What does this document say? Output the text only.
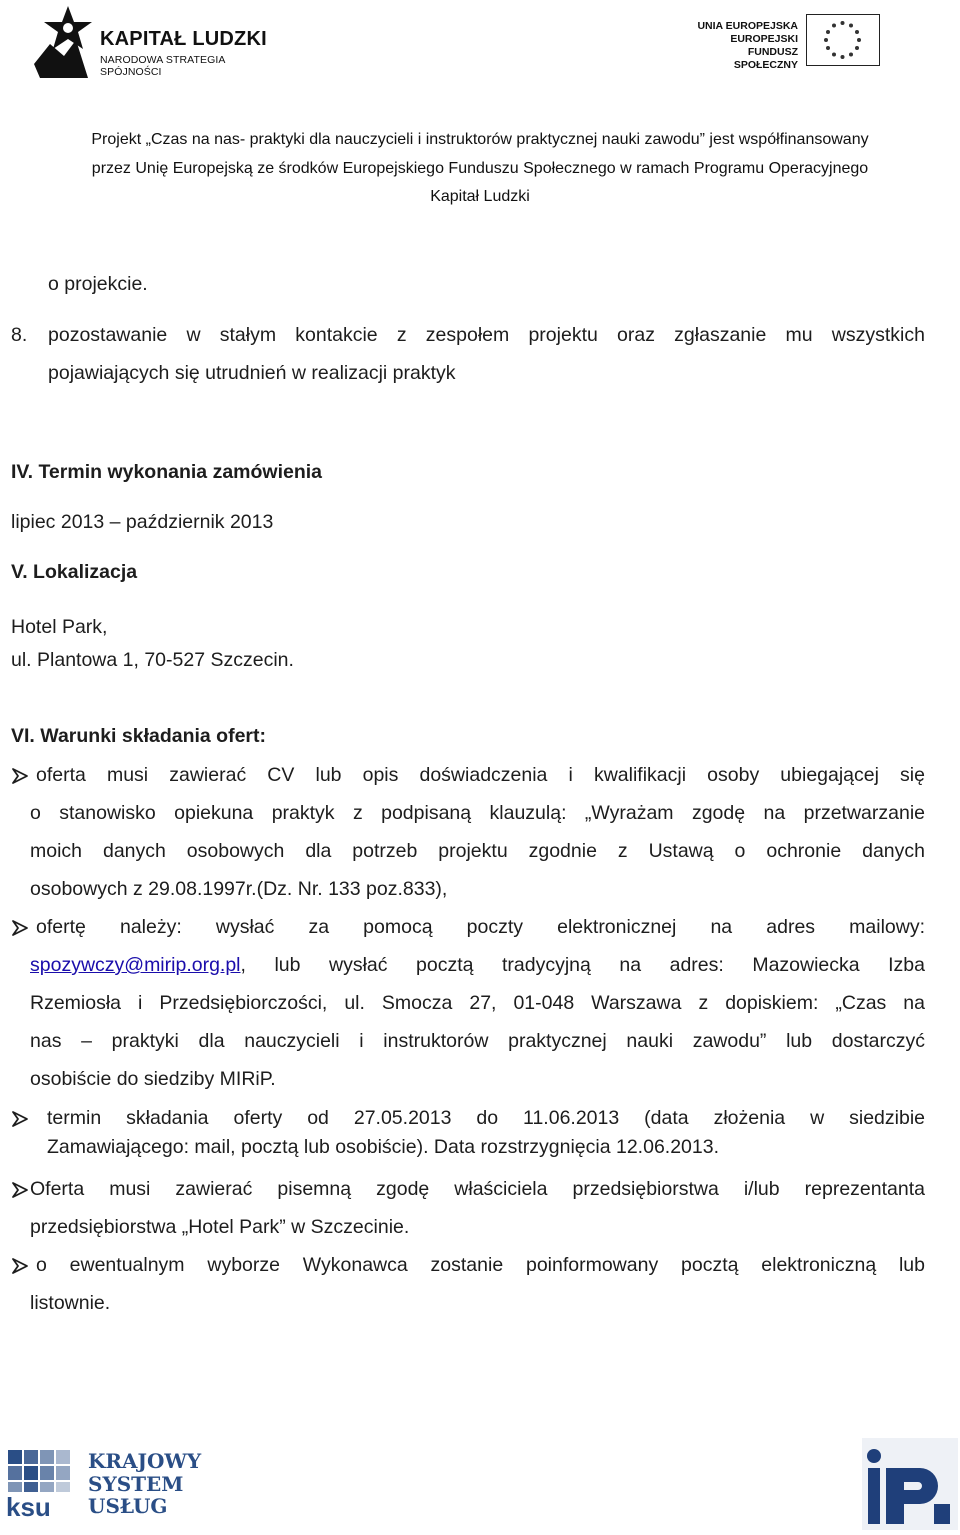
KAPITAŁ LUDZKI
NARODOWA STRATEGIA SPÓJNOŚCI
UNIA EUROPEJSKA
EUROPEJSKI
FUNDUSZ SPOŁECZNY
Projekt „Czas na nas- praktyki dla nauczycieli i instruktorów praktycznej nauki zawodu” jest współfinansowany
przez Unię Europejską ze środków Europejskiego Funduszu Społecznego w ramach Programu Operacyjnego
Kapitał Ludzki
o projekcie.
8. pozostawanie w stałym kontakcie z zespołem projektu oraz zgłaszanie mu wszystkich
pojawiających się utrudnień w realizacji praktyk
IV. Termin wykonania zamówienia
lipiec 2013 – październik 2013
V. Lokalizacja
Hotel Park,
ul. Plantowa 1, 70-527 Szczecin.
VI. Warunki składania ofert:
oferta musi zawierać CV lub opis doświadczenia i kwalifikacji osoby ubiegającej się
o stanowisko opiekuna praktyk z podpisaną klauzulą: „Wyrażam zgodę na przetwarzanie
moich danych osobowych dla potrzeb projektu zgodnie z Ustawą o ochronie danych
osobowych z 29.08.1997r.(Dz. Nr. 133 poz.833),
ofertę należy: wysłać za pomocą poczty elektronicznej na adres mailowy:
spozywczy@mirip.org.pl , lub wysłać pocztą tradycyjną na adres: Mazowiecka Izba
Rzemiosła i Przedsiębiorczości, ul. Smocza 27, 01-048 Warszawa z dopiskiem: „Czas na
nas – praktyki dla nauczycieli i instruktorów praktycznej nauki zawodu” lub dostarczyć
osobiście do siedziby MIRiP.
termin składania oferty od 27.05.2013 do 11.06.2013 (data złożenia w siedzibie
Zamawiającego: mail, pocztą lub osobiście). Data rozstrzygnięcia 12.06.2013.
Oferta musi zawierać pisemną zgodę właściciela przedsiębiorstwa i/lub reprezentanta
przedsiębiorstwa „Hotel Park” w Szczecinie.
o ewentualnym wyborze Wykonawca zostanie poinformowany pocztą elektroniczną lub
listownie.
ksu
KRAJOWY
SYSTEM
USŁUG
irp
